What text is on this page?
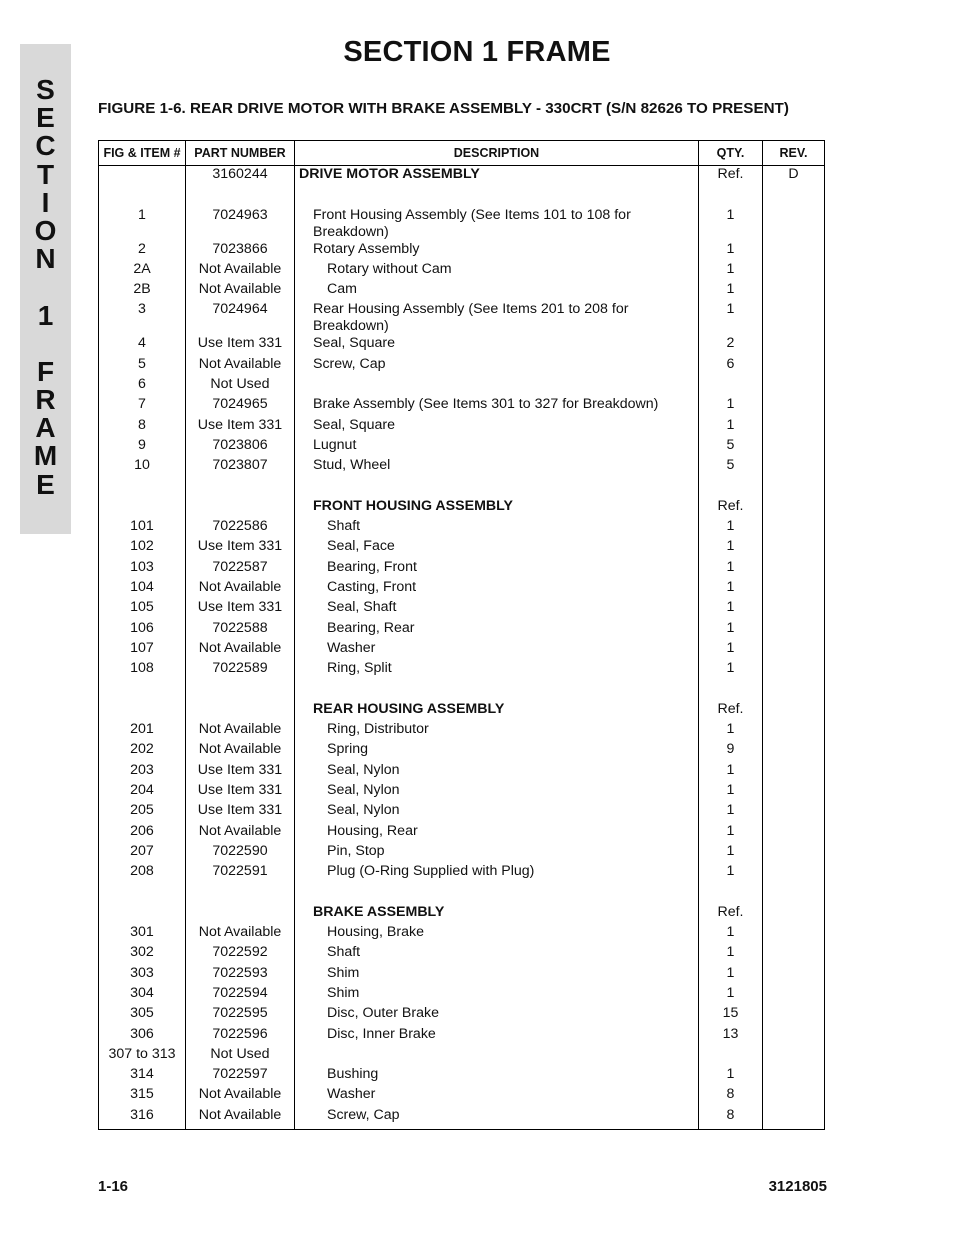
S
E
C
T
I
O
N
1
F
R
A
M
E
SECTION 1 FRAME
FIGURE 1-6. REAR DRIVE MOTOR WITH BRAKE ASSEMBLY - 330CRT (S/N 82626 TO PRESENT)
FIG & ITEM #	PART NUMBER	DESCRIPTION	QTY.	REV.
	3160244	DRIVE MOTOR ASSEMBLY	Ref.	D

1	7024963	Front Housing Assembly (See Items 101 to 108 for Breakdown)	1	
2	7023866	Rotary Assembly	1	
2A	Not Available	Rotary without Cam	1	
2B	Not Available	Cam	1	
3	7024964	Rear Housing Assembly (See Items 201 to 208 for Breakdown)	1	
4	Use Item 331	Seal, Square	2	
5	Not Available	Screw, Cap	6	
6	Not Used			
7	7024965	Brake Assembly (See Items 301 to 327 for Breakdown)	1	
8	Use Item 331	Seal, Square	1	
9	7023806	Lugnut	5	
10	7023807	Stud, Wheel	5	

		FRONT HOUSING ASSEMBLY	Ref.	
101	7022586	Shaft	1	
102	Use Item 331	Seal, Face	1	
103	7022587	Bearing, Front	1	
104	Not Available	Casting, Front	1	
105	Use Item 331	Seal, Shaft	1	
106	7022588	Bearing, Rear	1	
107	Not Available	Washer	1	
108	7022589	Ring, Split	1	

		REAR HOUSING ASSEMBLY	Ref.	
201	Not Available	Ring, Distributor	1	
202	Not Available	Spring	9	
203	Use Item 331	Seal, Nylon	1	
204	Use Item 331	Seal, Nylon	1	
205	Use Item 331	Seal, Nylon	1	
206	Not Available	Housing, Rear	1	
207	7022590	Pin, Stop	1	
208	7022591	Plug (O-Ring Supplied with Plug)	1	

		BRAKE ASSEMBLY	Ref.	
301	Not Available	Housing, Brake	1	
302	7022592	Shaft	1	
303	7022593	Shim	1	
304	7022594	Shim	1	
305	7022595	Disc, Outer Brake	15	
306	7022596	Disc, Inner Brake	13	
307 to 313	Not Used			
314	7022597	Bushing	1	
315	Not Available	Washer	8	
316	Not Available	Screw, Cap	8	
1-16	3121805
